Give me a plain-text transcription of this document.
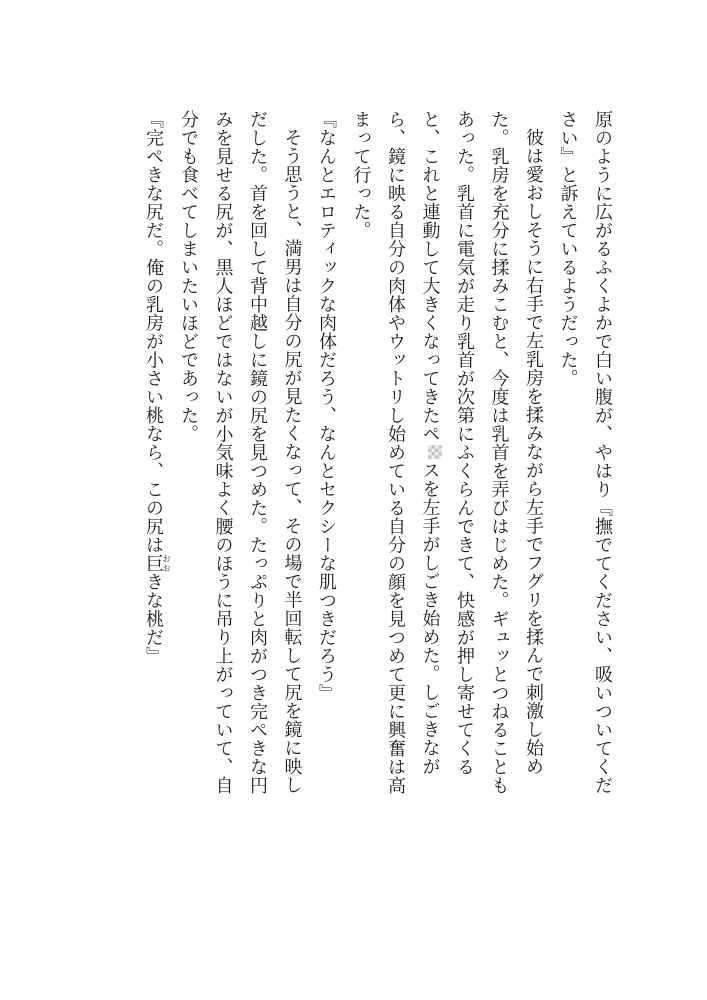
原のように広がるふくよかで白い腹が、やはり『撫でてください、吸いついてください』と訴えているようだった。

彼は愛おしそうに右手で左乳房を揉みながら左手でフグリを揉んで刺激し始めた。乳房を充分に揉みこむと、今度は乳首を弄びはじめた。ギュッとつねることもあった。乳首に電気が走り乳首が次第にふくらんできて、快感が押し寄せてくると、これと連動して大きくなってきたペスを左手がしごき始めた。しごきながら、鏡に映る自分の肉体やウットリし始めている自分の顔を見つめて更に興奮は高まって行った。

『なんとエロティックな肉体だろう、なんとセクシーな肌つきだろう』

そう思うと、満男は自分の尻が見たくなって、その場で半回転して尻を鏡に映しだした。首を回して背中越しに鏡の尻を見つめた。たっぷりと肉がつき完ぺきな円みを見せる尻が、黒人ほどではないが小気味よく腰のほうに吊り上がっていて、自分でも食べてしまいたいほどであった。

『完ぺきな尻だ。俺の乳房が小さい桃なら、この尻は巨おおきな桃だ』
